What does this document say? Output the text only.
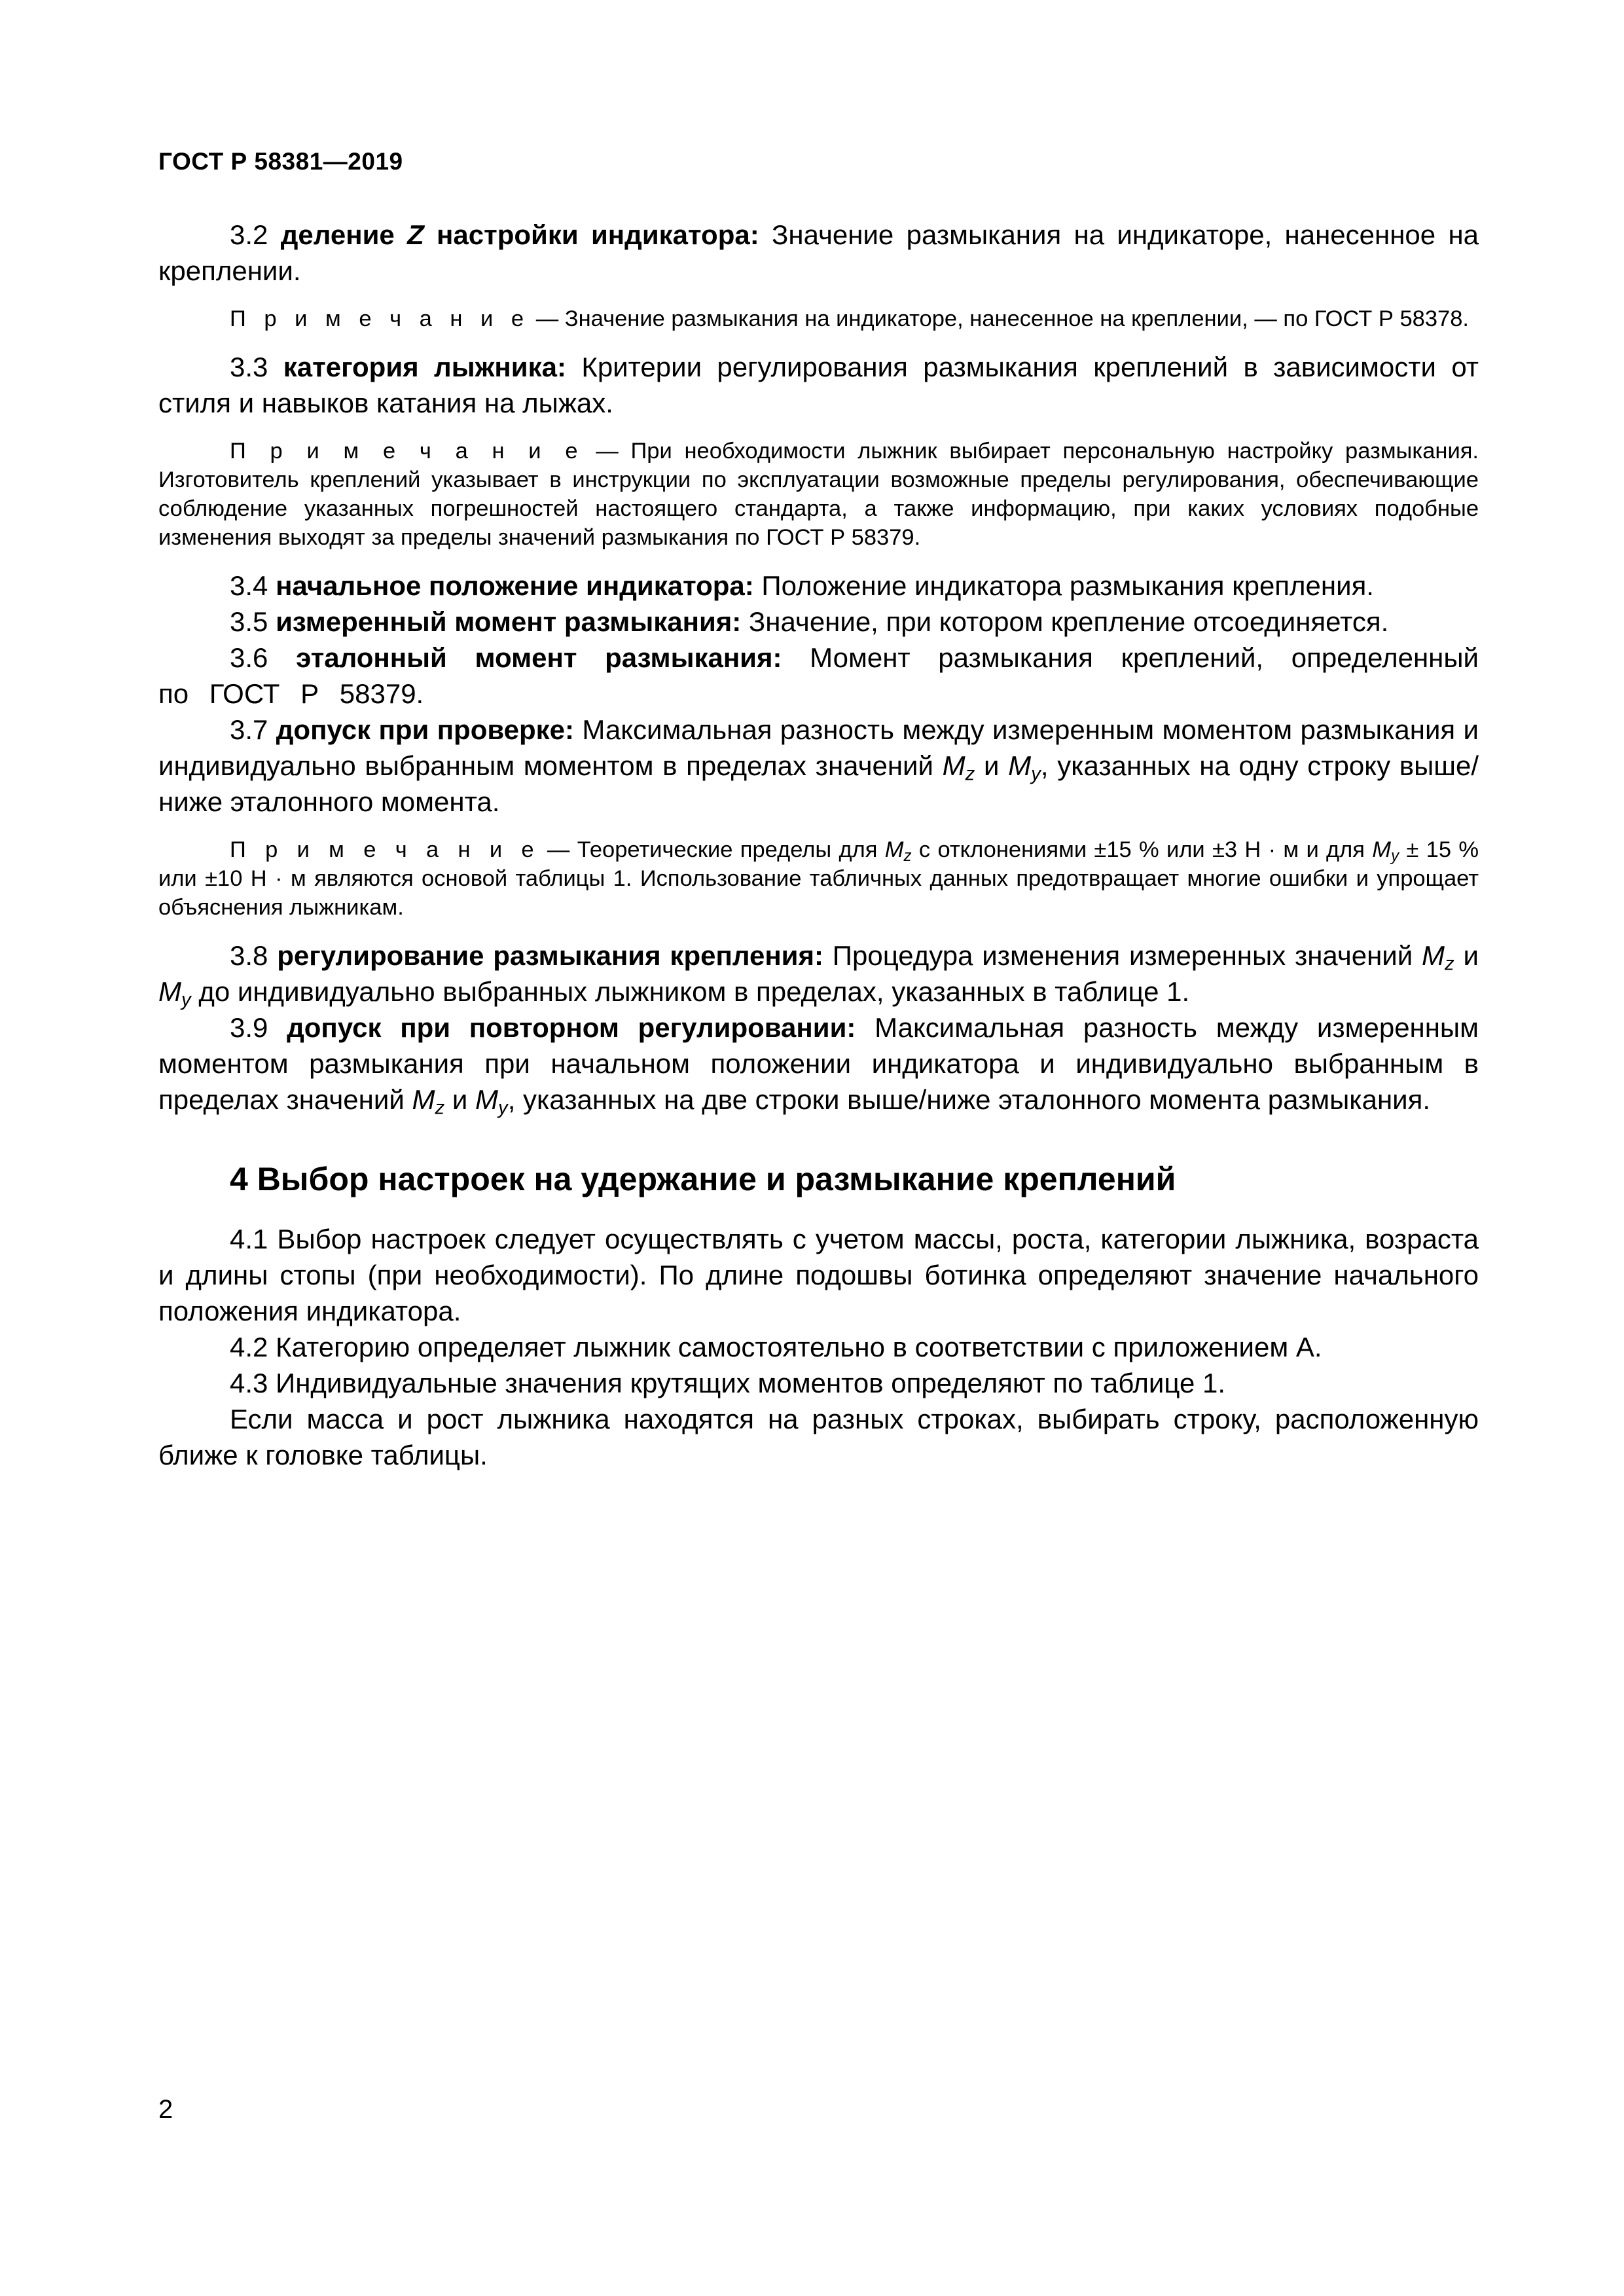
ГОСТ Р 58381—2019

3.2 деление Z настройки индикатора: Значение размыкания на индикаторе, нанесенное на креплении.

П р и м е ч а н и е — Значение размыкания на индикаторе, нанесенное на креплении, — по ГОСТ Р 58378.

3.3 категория лыжника: Критерии регулирования размыкания креплений в зависимости от стиля и навыков катания на лыжах.

П р и м е ч а н и е — При необходимости лыжник выбирает персональную настройку размыкания. Изготовитель креплений указывает в инструкции по эксплуатации возможные пределы регулирования, обеспечивающие соблюдение указанных погрешностей настоящего стандарта, а также информацию, при каких условиях подобные изменения выходят за пределы значений размыкания по ГОСТ Р 58379.

3.4 начальное положение индикатора: Положение индикатора размыкания крепления.

3.5 измеренный момент размыкания: Значение, при котором крепление отсоединяется.

3.6 эталонный момент размыкания: Момент размыкания креплений, определенный по ГОСТ Р 58379.

3.7 допуск при проверке: Максимальная разность между измеренным моментом размыкания и индивидуально выбранным моментом в пределах значений $M_z$ и $M_y$, указанных на одну строку выше/ниже эталонного момента.

П р и м е ч а н и е — Теоретические пределы для $M_z$ с отклонениями ±15 % или ±3 Н · м и для $M_y \pm 15$ % или ±10 Н · м являются основой таблицы 1. Использование табличных данных предотвращает многие ошибки и упрощает объяснения лыжникам.

3.8 регулирование размыкания крепления: Процедура изменения измеренных значений $M_z$ и $M_y$ до индивидуально выбранных лыжником в пределах, указанных в таблице 1.

3.9 допуск при повторном регулировании: Максимальная разность между измеренным моментом размыкания при начальном положении индикатора и индивидуально выбранным в пределах значений $M_z$ и $M_y$, указанных на две строки выше/ниже эталонного момента размыкания.

4 Выбор настроек на удержание и размыкание креплений

4.1 Выбор настроек следует осуществлять с учетом массы, роста, категории лыжника, возраста и длины стопы (при необходимости). По длине подошвы ботинка определяют значение начального положения индикатора.

4.2 Категорию определяет лыжник самостоятельно в соответствии с приложением А.

4.3 Индивидуальные значения крутящих моментов определяют по таблице 1.

Если масса и рост лыжника находятся на разных строках, выбирать строку, расположенную ближе к головке таблицы.

2
